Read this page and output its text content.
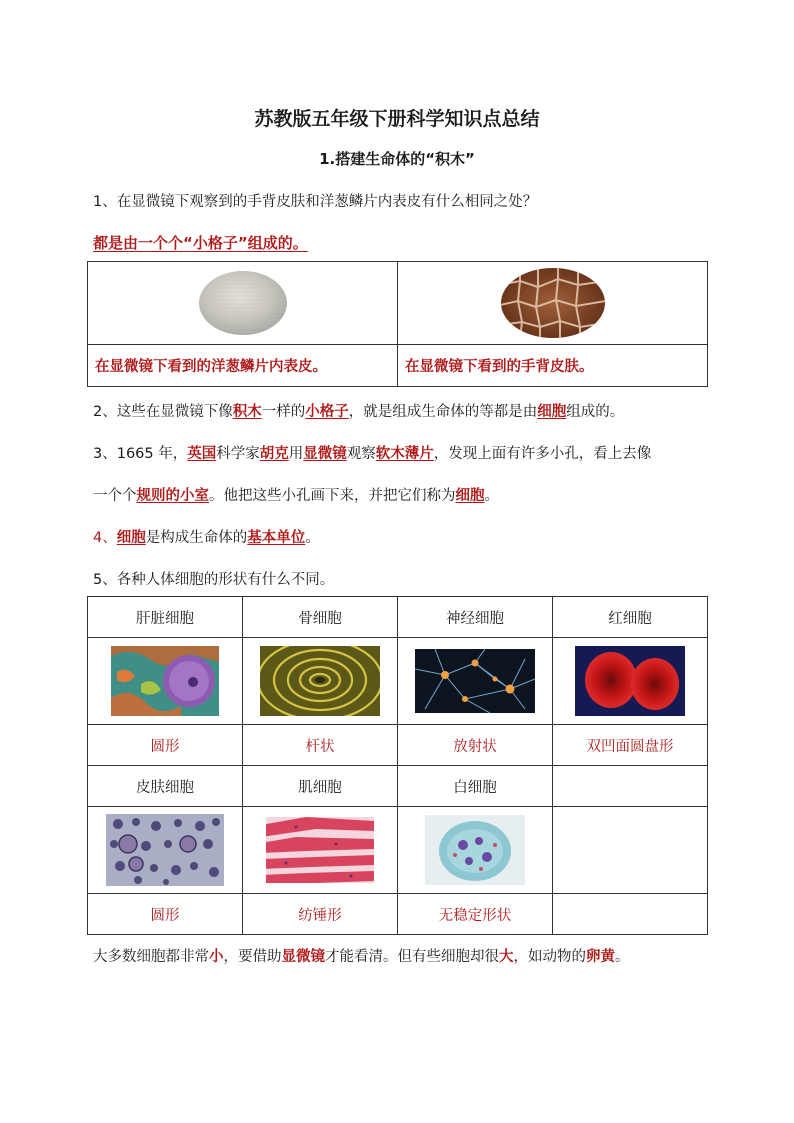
苏教版五年级下册科学知识点总结
1.搭建生命体的“积木”
1、在显微镜下观察到的手背皮肤和洋葱鳞片内表皮有什么相同之处？
都是由一个个“小格子”组成的。

在显微镜下看到的洋葱鳞片内表皮。	在显微镜下看到的手背皮肤。
2、这些在显微镜下像积木一样的小格子，就是组成生命体的等都是由细胞组成的。
3、1665 年，英国科学家胡克用显微镜观察软木薄片，发现上面有许多小孔，看上去像
一个个规则的小室。他把这些小孔画下来，并把它们称为细胞。
4、细胞是构成生命体的基本单位。
5、各种人体细胞的形状有什么不同。
肝脏细胞	骨细胞	神经细胞	红细胞

圆形	杆状	放射状	双凹面圆盘形
皮肤细胞	肌细胞	白细胞	

圆形	纺锤形	无稳定形状	
大多数细胞都非常小，要借助显微镜才能看清。但有些细胞却很大，如动物的卵黄。
